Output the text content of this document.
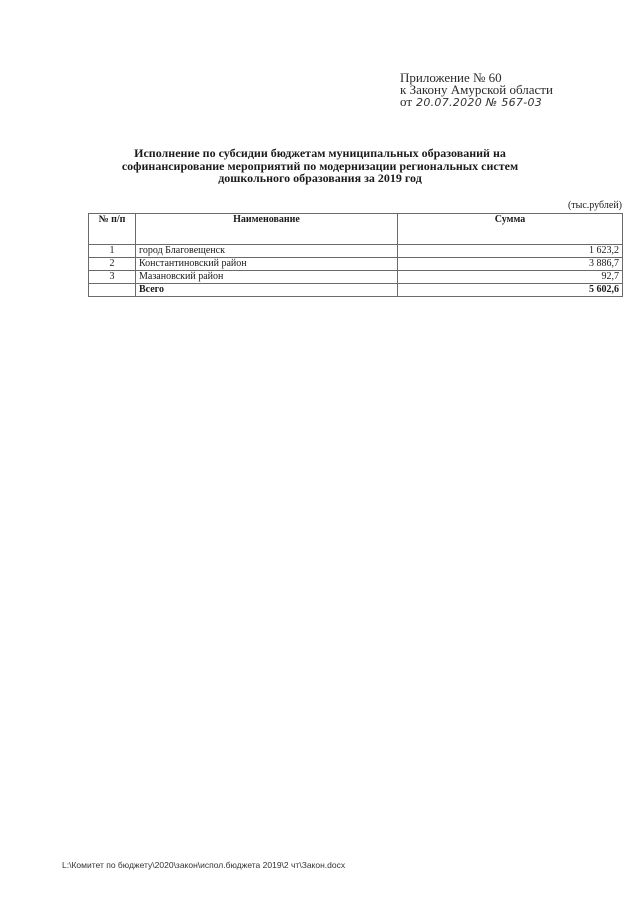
Приложение № 60
к Закону Амурской области
от 20.07.2020 № 567-03
Исполнение по субсидии бюджетам муниципальных образований на
софинансирование мероприятий по модернизации региональных систем
дошкольного образования за 2019 год
(тыс.рублей)
№ п/п	Наименование	Сумма
1	город Благовещенск	1 623,2
2	Константиновский район	3 886,7
3	Мазановский район	92,7
	Всего	5 602,6
L:\Комитет по бюджету\2020\закон\испол.бюджета 2019\2 чт\Закон.docx
